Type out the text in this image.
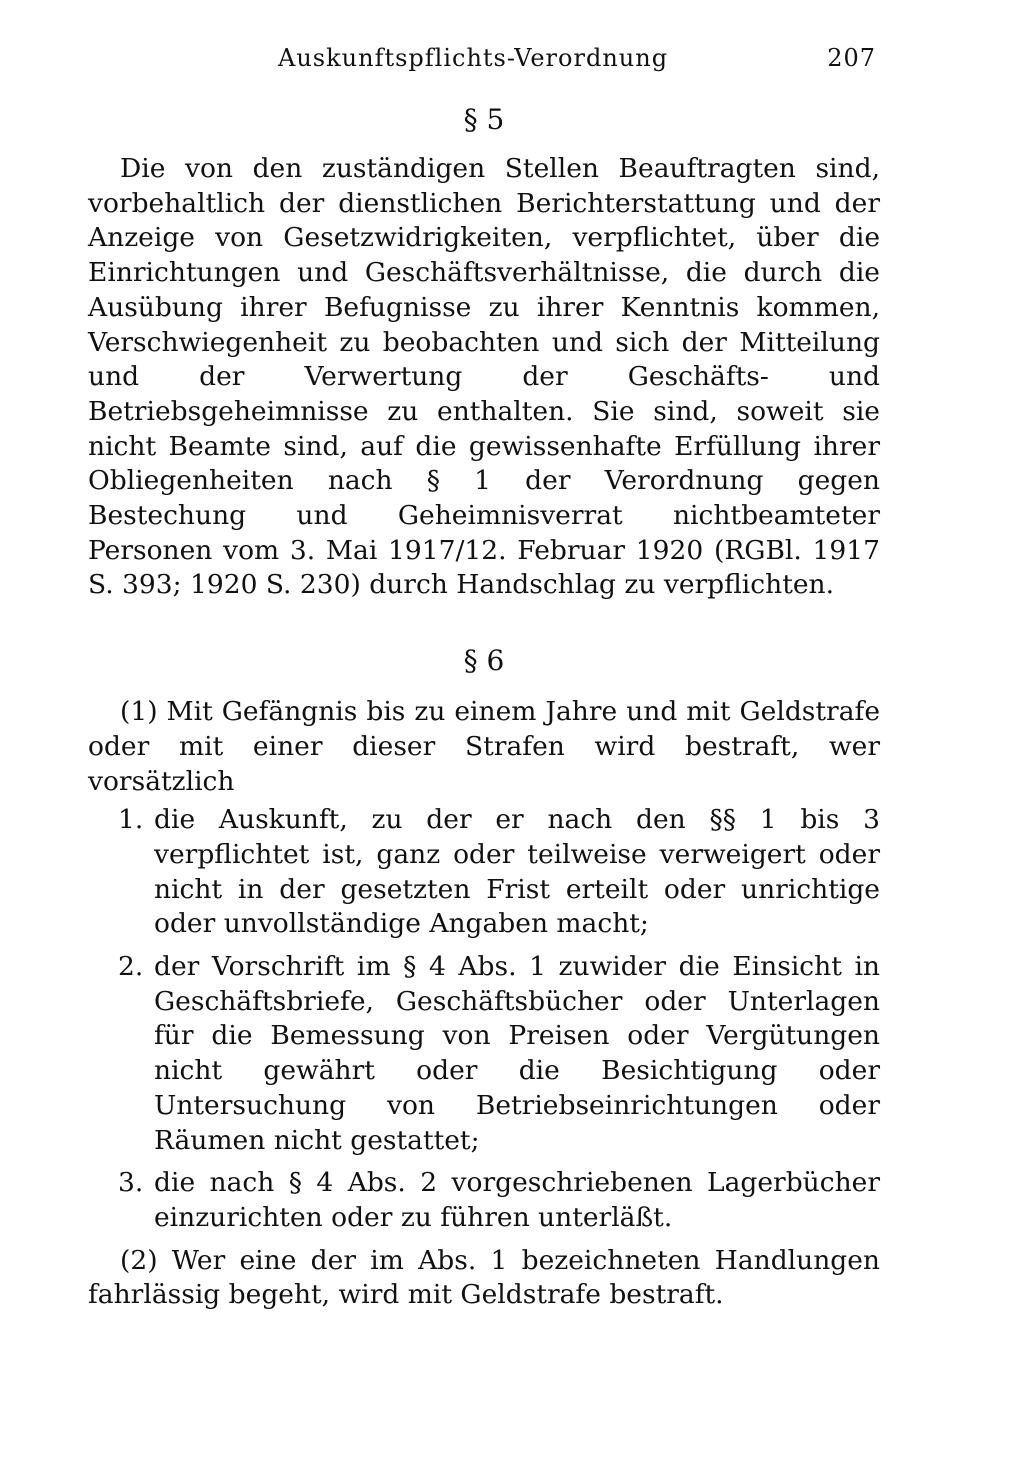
Auskunftspflichts-Verordnung	207
§ 5

Die von den zuständigen Stellen Beauftragten sind, vorbehaltlich der dienstlichen Berichterstattung und der Anzeige von Gesetzwidrigkeiten, verpflichtet, über die Einrichtungen und Geschäftsverhältnisse, die durch die Ausübung ihrer Befugnisse zu ihrer Kenntnis kommen, Verschwiegenheit zu beobachten und sich der Mitteilung und der Verwertung der Geschäfts- und Betriebsgeheimnisse zu enthalten. Sie sind, soweit sie nicht Beamte sind, auf die gewissenhafte Erfüllung ihrer Obliegenheiten nach § 1 der Verordnung gegen Bestechung und Geheimnisverrat nichtbeamteter Personen vom 3. Mai 1917/12. Februar 1920 (RGBl. 1917 S. 393; 1920 S. 230) durch Handschlag zu verpflichten.

§ 6

(1) Mit Gefängnis bis zu einem Jahre und mit Geldstrafe oder mit einer dieser Strafen wird bestraft, wer vorsätzlich

1. die Auskunft, zu der er nach den §§ 1 bis 3 verpflichtet ist, ganz oder teilweise verweigert oder nicht in der gesetzten Frist erteilt oder unrichtige oder unvollständige Angaben macht;
2. der Vorschrift im § 4 Abs. 1 zuwider die Einsicht in Geschäftsbriefe, Geschäftsbücher oder Unterlagen für die Bemessung von Preisen oder Vergütungen nicht gewährt oder die Besichtigung oder Untersuchung von Betriebseinrichtungen oder Räumen nicht gestattet;
3. die nach § 4 Abs. 2 vorgeschriebenen Lagerbücher einzurichten oder zu führen unterläßt.

(2) Wer eine der im Abs. 1 bezeichneten Handlungen fahrlässig begeht, wird mit Geldstrafe bestraft.
